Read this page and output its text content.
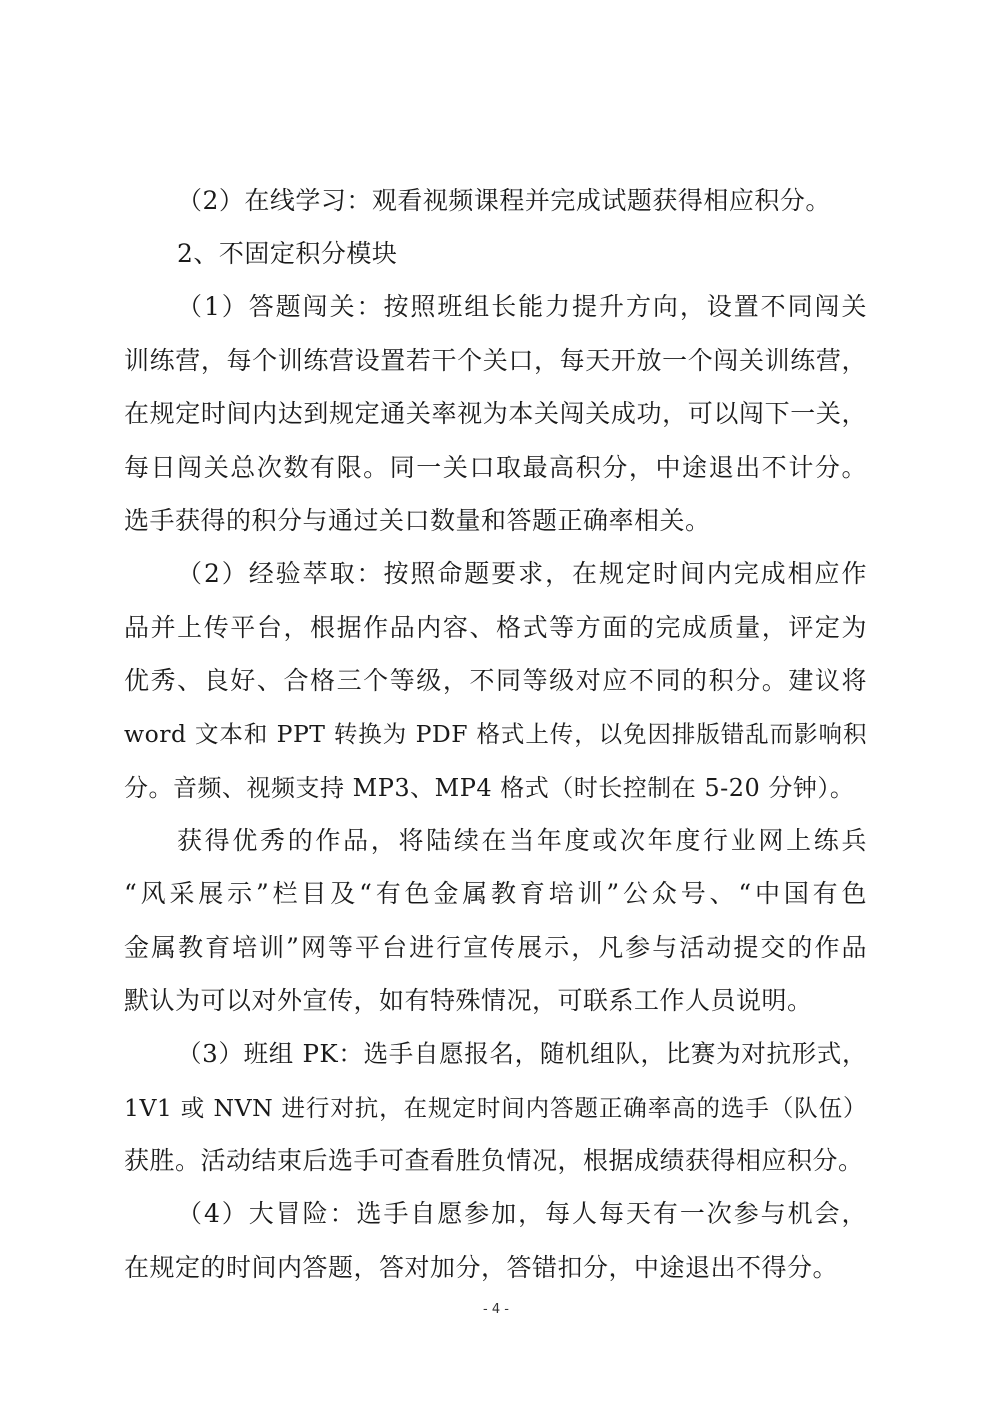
（2）在线学习：观看视频课程并完成试题获得相应积分。
2、不固定积分模块
（1）答题闯关：按照班组长能力提升方向，设置不同闯关
训练营，每个训练营设置若干个关口，每天开放一个闯关训练营，
在规定时间内达到规定通关率视为本关闯关成功，可以闯下一关，
每日闯关总次数有限。同一关口取最高积分，中途退出不计分。
选手获得的积分与通过关口数量和答题正确率相关。
（2）经验萃取：按照命题要求，在规定时间内完成相应作
品并上传平台，根据作品内容、格式等方面的完成质量，评定为
优秀、良好、合格三个等级，不同等级对应不同的积分。建议将
word 文本和 PPT 转换为 PDF 格式上传，以免因排版错乱而影响积
分。音频、视频支持 MP3、MP4 格式（时长控制在 5-20 分钟）。
获得优秀的作品，将陆续在当年度或次年度行业网上练兵
“风采展示”栏目及“有色金属教育培训”公众号、“中国有色
金属教育培训”网等平台进行宣传展示，凡参与活动提交的作品
默认为可以对外宣传，如有特殊情况，可联系工作人员说明。
（3）班组 PK：选手自愿报名，随机组队，比赛为对抗形式，
1V1 或 NVN 进行对抗，在规定时间内答题正确率高的选手（队伍）
获胜。活动结束后选手可查看胜负情况，根据成绩获得相应积分。
（4）大冒险：选手自愿参加，每人每天有一次参与机会，
在规定的时间内答题，答对加分，答错扣分，中途退出不得分。
- 4 -
